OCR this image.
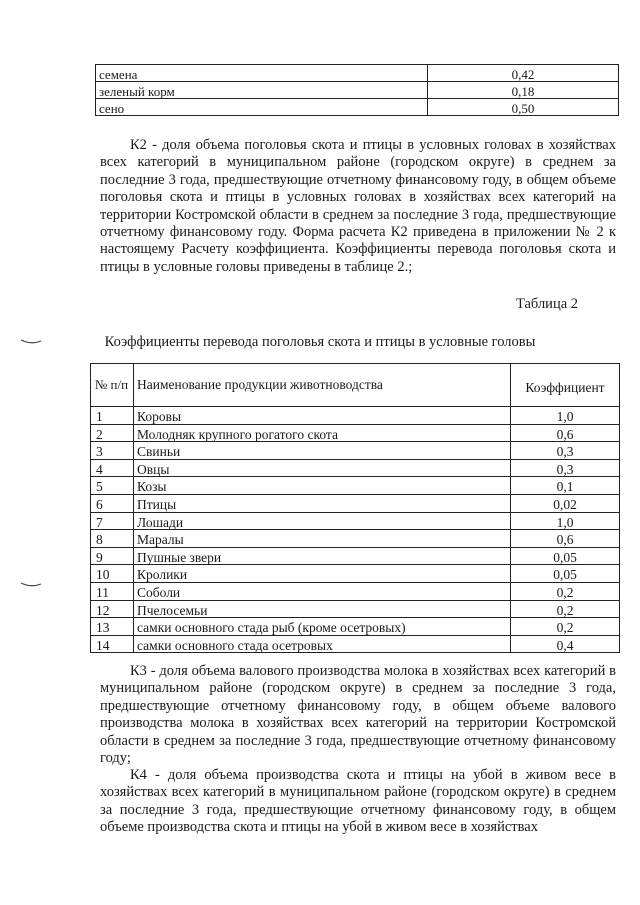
семена	0,42
зеленый корм	0,18
сено	0,50
К2 - доля объема поголовья скота и птицы в условных головах в хозяйствах всех категорий в муниципальном районе (городском округе) в среднем за последние 3 года, предшествующие отчетному финансовому году, в общем объеме поголовья скота и птицы в условных головах в хозяйствах всех категорий на территории Костромской области в среднем за последние 3 года, предшествующие отчетному финансовому году. Форма расчета К2 приведена в приложении № 2 к настоящему Расчету коэффициента. Коэффициенты перевода поголовья скота и птицы в условные головы приведены в таблице 2.;
Таблица 2
Коэффициенты перевода поголовья скота и птицы в условные головы
№ п/п	Наименование продукции животноводства	Коэффициент
1	Коровы	1,0
2	Молодняк крупного рогатого скота	0,6
3	Свиньи	0,3
4	Овцы	0,3
5	Козы	0,1
6	Птицы	0,02
7	Лошади	1,0
8	Маралы	0,6
9	Пушные звери	0,05
10	Кролики	0,05
11	Соболи	0,2
12	Пчелосемьи	0,2
13	самки основного стада рыб (кроме осетровых)	0,2
14	самки основного стада осетровых	0,4
К3 - доля объема валового производства молока в хозяйствах всех категорий в муниципальном районе (городском округе) в среднем за последние 3 года, предшествующие отчетному финансовому году, в общем объеме валового производства молока в хозяйствах всех категорий на территории Костромской области в среднем за последние 3 года, предшествующие отчетному финансовому году;
К4 - доля объема производства скота и птицы на убой в живом весе в хозяйствах всех категорий в муниципальном районе (городском округе) в среднем за последние 3 года, предшествующие отчетному финансовому году, в общем объеме производства скота и птицы на убой в живом весе в хозяйствах
